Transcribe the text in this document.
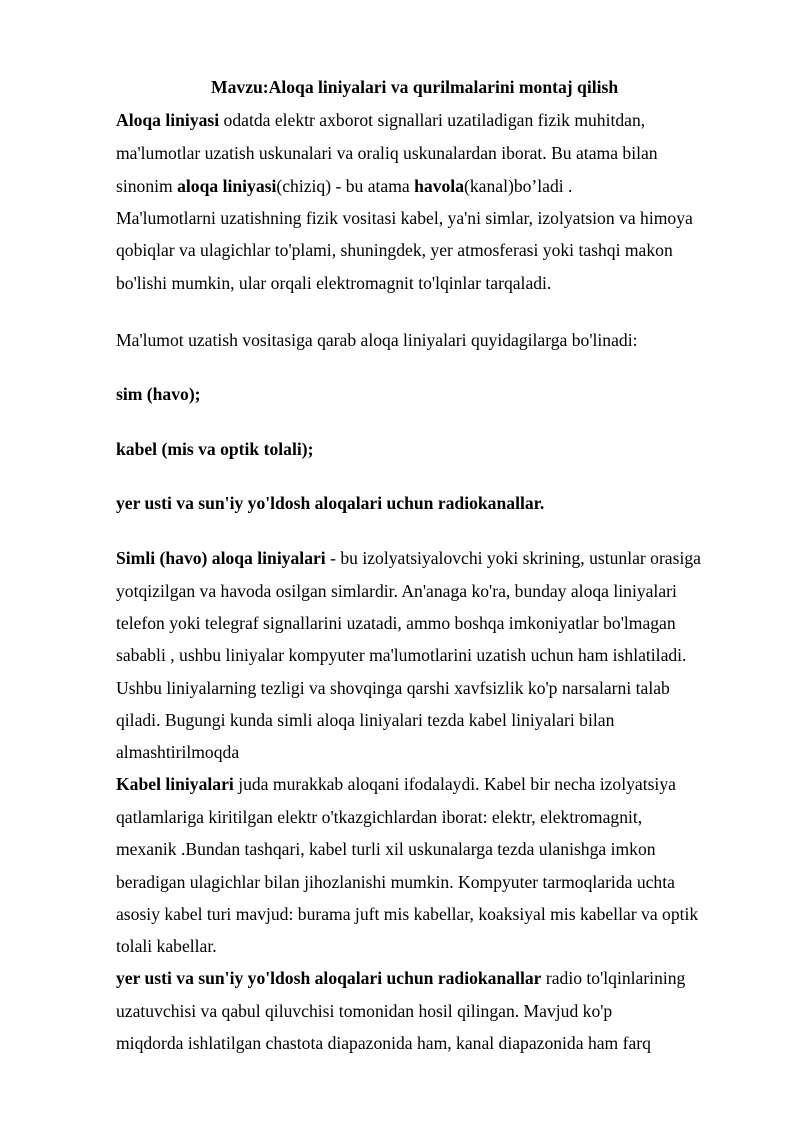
Mavzu:Aloqa liniyalari va qurilmalarini montaj qilish
Aloqa liniyasi odatda elektr axborot signallari uzatiladigan fizik muhitdan,
ma'lumotlar uzatish uskunalari va oraliq uskunalardan iborat. Bu atama bilan
sinonim aloqa liniyasi(chiziq) - bu atama havola(kanal)bo’ladi .
Ma'lumotlarni uzatishning fizik vositasi kabel, ya'ni simlar, izolyatsion va himoya
qobiqlar va ulagichlar to'plami, shuningdek, yer atmosferasi yoki tashqi makon
bo'lishi mumkin, ular orqali elektromagnit to'lqinlar tarqaladi.
Ma'lumot uzatish vositasiga qarab aloqa liniyalari quyidagilarga bo'linadi:
sim (havo);
kabel (mis va optik tolali);
yer usti va sun'iy yo'ldosh aloqalari uchun radiokanallar.
Simli (havo) aloqa liniyalari - bu izolyatsiyalovchi yoki skrining, ustunlar orasiga
yotqizilgan va havoda osilgan simlardir. An'anaga ko'ra, bunday aloqa liniyalari
telefon yoki telegraf signallarini uzatadi, ammo boshqa imkoniyatlar bo'lmagan
sababli , ushbu liniyalar kompyuter ma'lumotlarini uzatish uchun ham ishlatiladi.
Ushbu liniyalarning tezligi va shovqinga qarshi xavfsizlik ko'p narsalarni talab
qiladi. Bugungi kunda simli aloqa liniyalari tezda kabel liniyalari bilan
almashtirilmoqda
Kabel liniyalari juda murakkab aloqani ifodalaydi. Kabel bir necha izolyatsiya
qatlamlariga kiritilgan elektr o'tkazgichlardan iborat: elektr, elektromagnit,
mexanik .Bundan tashqari, kabel turli xil uskunalarga tezda ulanishga imkon
beradigan ulagichlar bilan jihozlanishi mumkin. Kompyuter tarmoqlarida uchta
asosiy kabel turi mavjud: burama juft mis kabellar, koaksiyal mis kabellar va optik
tolali kabellar.
yer usti va sun'iy yo'ldosh aloqalari uchun radiokanallar radio to'lqinlarining
uzatuvchisi va qabul qiluvchisi tomonidan hosil qilingan. Mavjud ko'p
miqdorda ishlatilgan chastota diapazonida ham, kanal diapazonida ham farq
